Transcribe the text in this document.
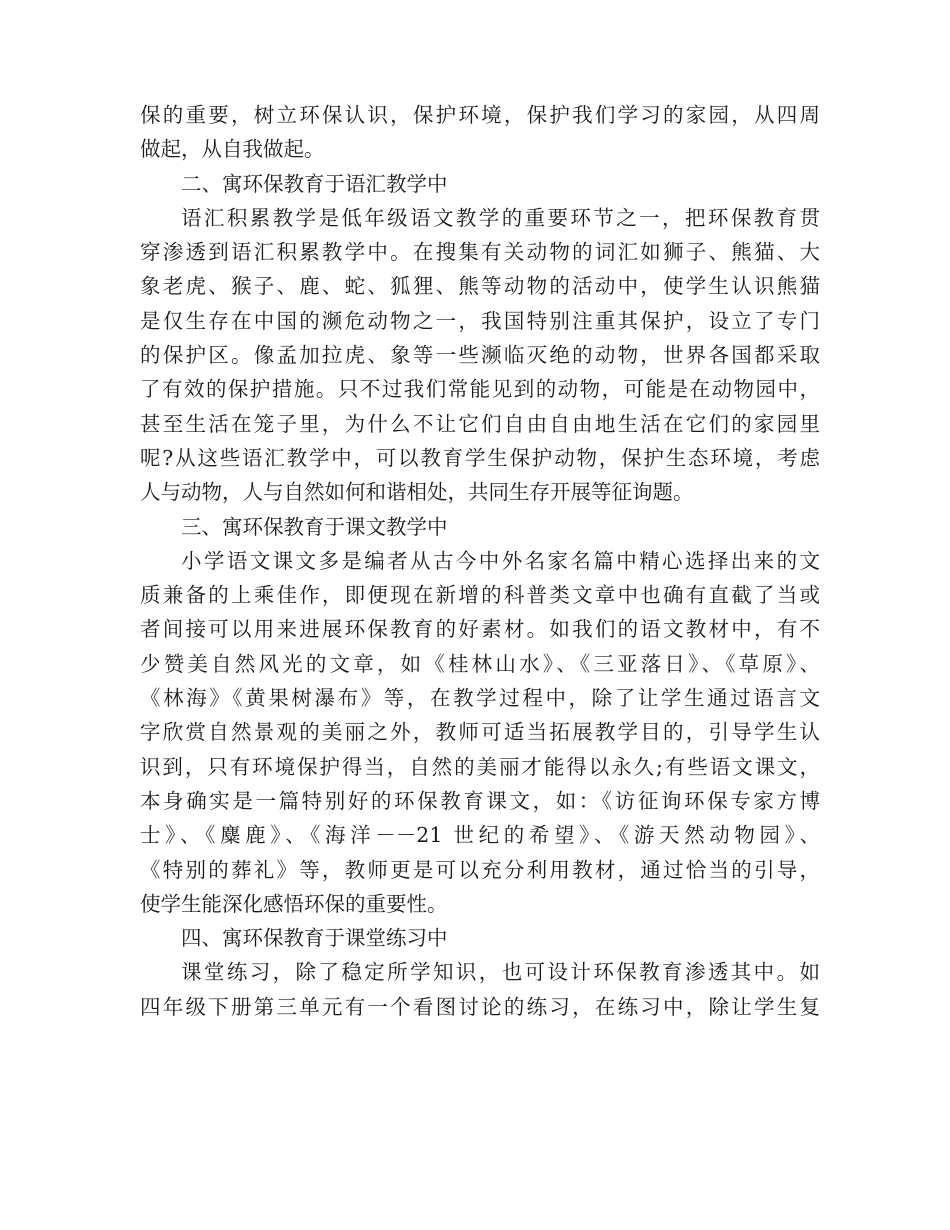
保的重要，树立环保认识，保护环境，保护我们学习的家园，从四周
做起，从自我做起。
二、寓环保教育于语汇教学中
语汇积累教学是低年级语文教学的重要环节之一，把环保教育贯
穿渗透到语汇积累教学中。在搜集有关动物的词汇如狮子、熊猫、大
象老虎、猴子、鹿、蛇、狐狸、熊等动物的活动中，使学生认识熊猫
是仅生存在中国的濒危动物之一，我国特别注重其保护，设立了专门
的保护区。像孟加拉虎、象等一些濒临灭绝的动物，世界各国都采取
了有效的保护措施。只不过我们常能见到的动物，可能是在动物园中，
甚至生活在笼子里，为什么不让它们自由自由地生活在它们的家园里
呢?从这些语汇教学中，可以教育学生保护动物，保护生态环境，考虑
人与动物，人与自然如何和谐相处，共同生存开展等征询题。
三、寓环保教育于课文教学中
小学语文课文多是编者从古今中外名家名篇中精心选择出来的文
质兼备的上乘佳作，即便现在新增的科普类文章中也确有直截了当或
者间接可以用来进展环保教育的好素材。如我们的语文教材中，有不
少赞美自然风光的文章，如《桂林山水》、《三亚落日》、《草原》、
《林海》《黄果树瀑布》等，在教学过程中，除了让学生通过语言文
字欣赏自然景观的美丽之外，教师可适当拓展教学目的，引导学生认
识到，只有环境保护得当，自然的美丽才能得以永久;有些语文课文，
本身确实是一篇特别好的环保教育课文，如：《访征询环保专家方博
士》、《麋鹿》、《海洋－－21 世纪的希望》、《游天然动物园》、
《特别的葬礼》等，教师更是可以充分利用教材，通过恰当的引导，
使学生能深化感悟环保的重要性。
四、寓环保教育于课堂练习中
课堂练习，除了稳定所学知识，也可设计环保教育渗透其中。如
四年级下册第三单元有一个看图讨论的练习，在练习中，除让学生复
